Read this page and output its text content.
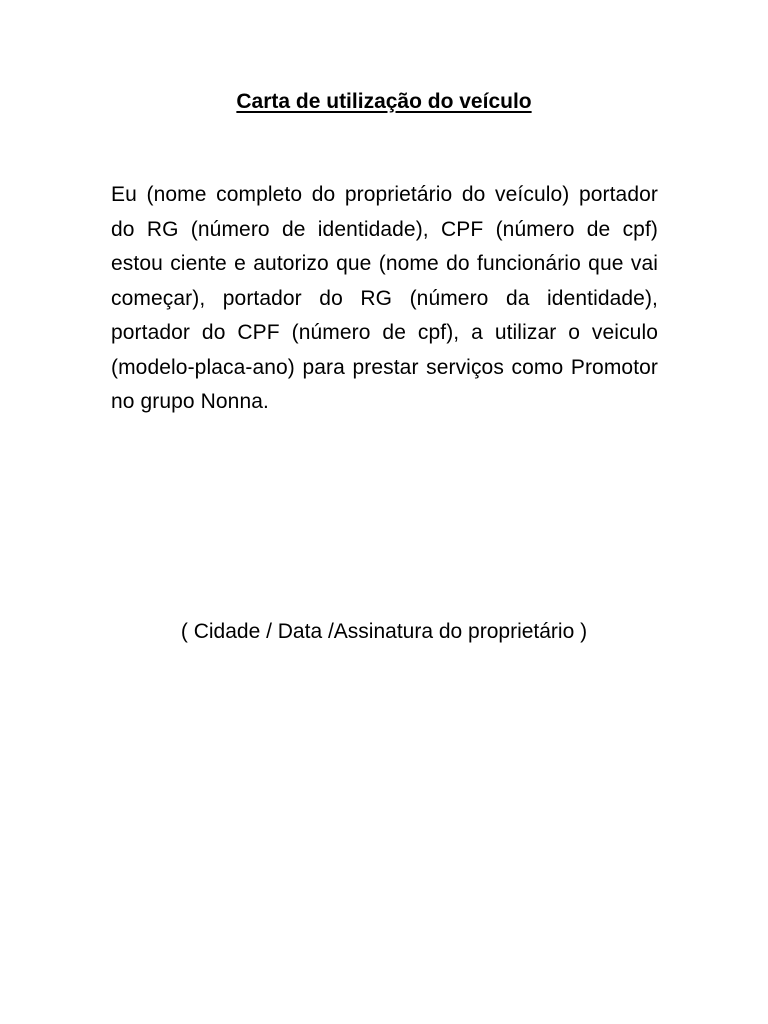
Carta de utilização do veículo
Eu (nome completo do proprietário do veículo) portador do RG (número de identidade), CPF (número de cpf) estou ciente e autorizo que (nome do funcionário que vai começar), portador do RG (número da identidade), portador do CPF (número de cpf), a utilizar o veiculo (modelo-placa-ano) para prestar serviços como Promotor no grupo Nonna.
( Cidade / Data /Assinatura do proprietário )
